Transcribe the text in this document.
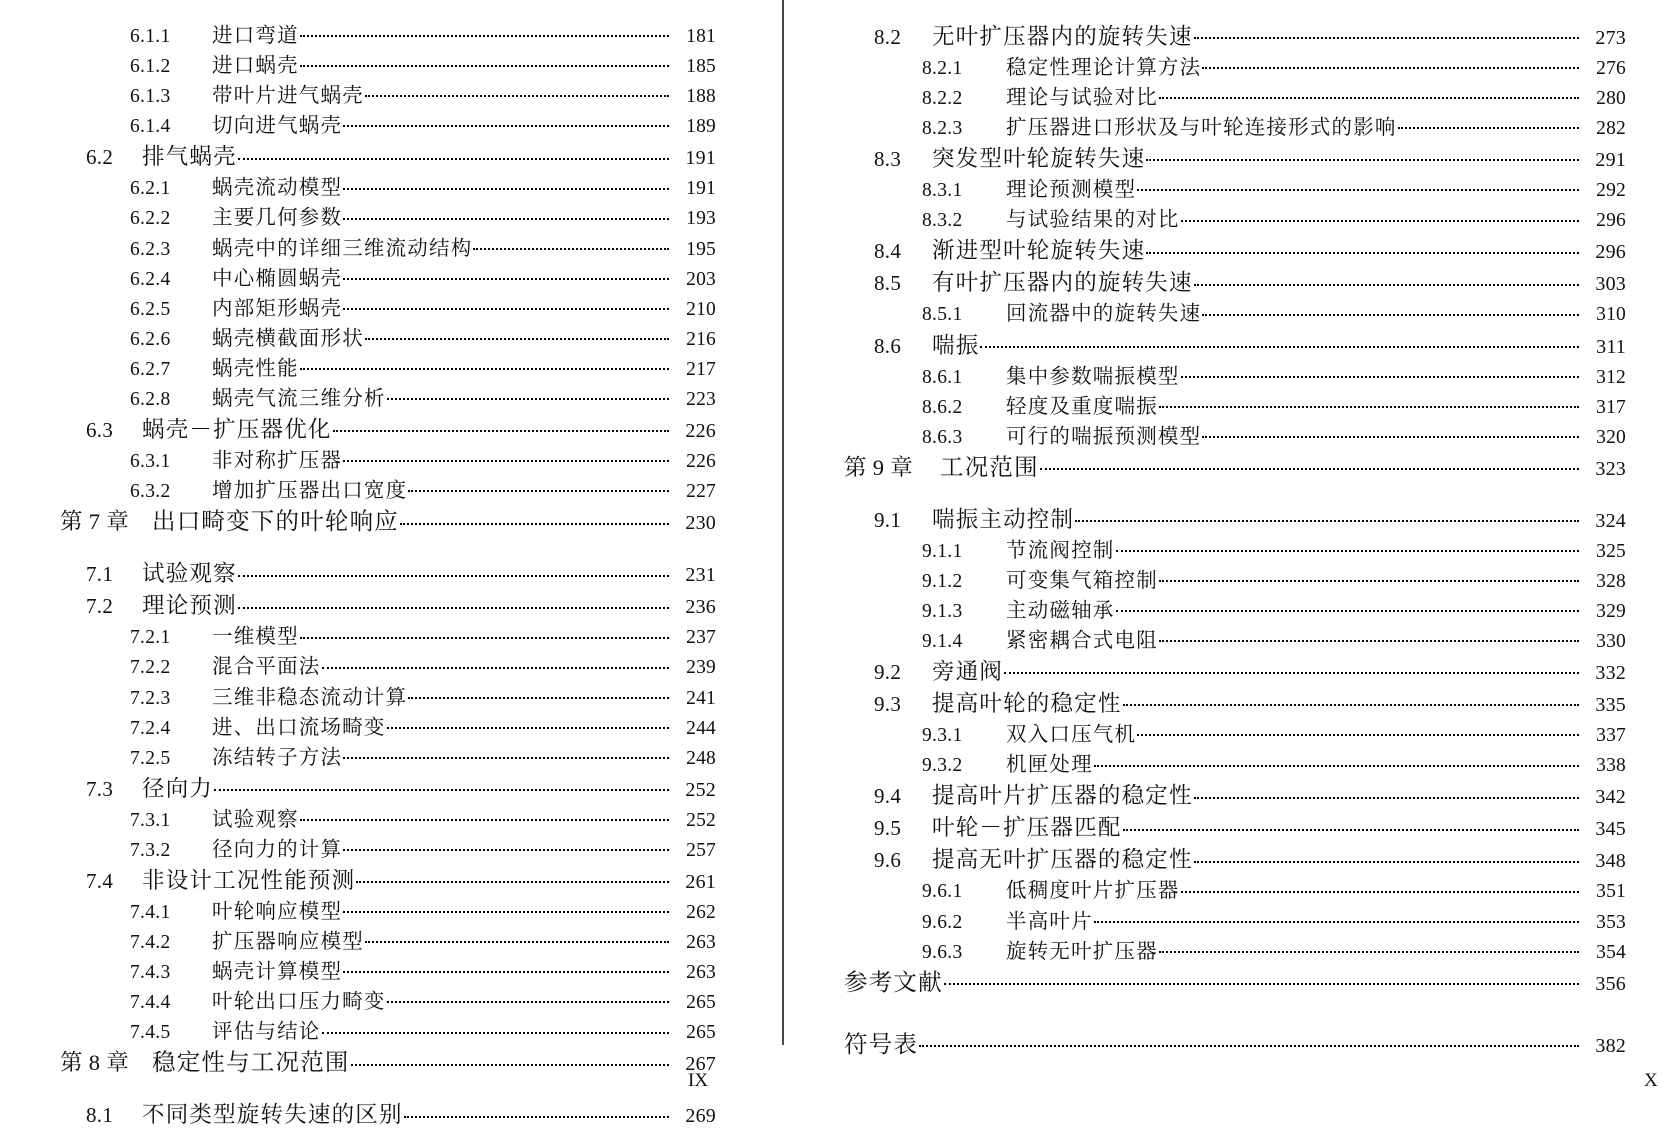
6.1.1	进口弯道	181
6.1.2	进口蜗壳	185
6.1.3	带叶片进气蜗壳	188
6.1.4	切向进气蜗壳	189
6.2	排气蜗壳	191
6.2.1	蜗壳流动模型	191
6.2.2	主要几何参数	193
6.2.3	蜗壳中的详细三维流动结构	195
6.2.4	中心椭圆蜗壳	203
6.2.5	内部矩形蜗壳	210
6.2.6	蜗壳横截面形状	216
6.2.7	蜗壳性能	217
6.2.8	蜗壳气流三维分析	223
6.3	蜗壳－扩压器优化	226
6.3.1	非对称扩压器	226
6.3.2	增加扩压器出口宽度	227
第 7 章 出口畸变下的叶轮响应	230
7.1	试验观察	231
7.2	理论预测	236
7.2.1	一维模型	237
7.2.2	混合平面法	239
7.2.3	三维非稳态流动计算	241
7.2.4	进、出口流场畸变	244
7.2.5	冻结转子方法	248
7.3	径向力	252
7.3.1	试验观察	252
7.3.2	径向力的计算	257
7.4	非设计工况性能预测	261
7.4.1	叶轮响应模型	262
7.4.2	扩压器响应模型	263
7.4.3	蜗壳计算模型	263
7.4.4	叶轮出口压力畸变	265
7.4.5	评估与结论	265
第 8 章 稳定性与工况范围	267
8.1	不同类型旋转失速的区别	269
IX
8.2	无叶扩压器内的旋转失速	273
8.2.1	稳定性理论计算方法	276
8.2.2	理论与试验对比	280
8.2.3	扩压器进口形状及与叶轮连接形式的影响	282
8.3	突发型叶轮旋转失速	291
8.3.1	理论预测模型	292
8.3.2	与试验结果的对比	296
8.4	渐进型叶轮旋转失速	296
8.5	有叶扩压器内的旋转失速	303
8.5.1	回流器中的旋转失速	310
8.6	喘振	311
8.6.1	集中参数喘振模型	312
8.6.2	轻度及重度喘振	317
8.6.3	可行的喘振预测模型	320
第 9 章	工况范围	323
9.1	喘振主动控制	324
9.1.1	节流阀控制	325
9.1.2	可变集气箱控制	328
9.1.3	主动磁轴承	329
9.1.4	紧密耦合式电阻	330
9.2	旁通阀	332
9.3	提高叶轮的稳定性	335
9.3.1	双入口压气机	337
9.3.2	机匣处理	338
9.4	提高叶片扩压器的稳定性	342
9.5	叶轮－扩压器匹配	345
9.6	提高无叶扩压器的稳定性	348
9.6.1	低稠度叶片扩压器	351
9.6.2	半高叶片	353
9.6.3	旋转无叶扩压器	354
参考文献	356
符号表	382
X
